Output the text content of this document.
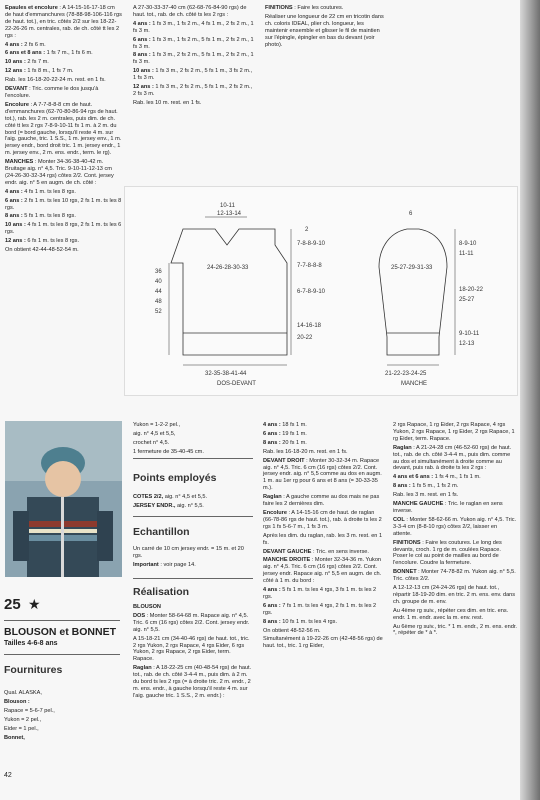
Epaules et encolure : A 14-15-16-17-18 cm de haut d'emmanchures (78-88-98-106-116 rgs de haut. tot.), en tric. côtés 2/2 sur les 18-22-22-26-26 m. centrales, rab. de ch. côté tt les 2 rgs :

4 ans : 2 fs 6 m.

6 ans et 8 ans : 1 fs 7 m., 1 fs 6 m.

10 ans : 2 fs 7 m.

12 ans : 1 fs 8 m., 1 fs 7 m.

Rab. les 16-18-20-22-24 m. rest. en 1 fs.

DEVANT : Tric. comme le dos jusqu'à l'encolure.

Encolure : A 7-7-8-8-8 cm de haut. d'emmanchures (62-70-80-86-94 rgs de haut. tot.), rab. les 2 m. centrales, puis dim. de ch. côté tt les 2 rgs 7-8-9-10-11 fs 1 m. à 2 m. du bord (= bord gauche, lorsqu'il reste 4 m. sur l'aig. gauche, tric. 1 S.S., 1 m. jersey env., 1 m. jersey endr., bord droit tric. 1 m. jersey endr., 1 m. jersey env., 2 m. ens. endr., term. le rg).

MANCHES : Monter 34-36-38-40-42 m. Bruitage aig. n° 4,5. Tric. 9-10-11-12-13 cm (24-26-30-32-34 rgs) côtes 2/2. Cont. jersey endr. aig. n° 5 en augm. de ch. côté :

4 ans : 4 fs 1 m. ts les 8 rgs.

6 ans : 2 fs 1 m. ts les 10 rgs, 2 fs 1 m. ts les 8 rgs.

8 ans : 5 fs 1 m. ts les 8 rgs.

10 ans : 4 fs 1 m. ts les 8 rgs, 2 fs 1 m. ts les 6 rgs.

12 ans : 6 fs 1 m. ts les 8 rgs.

On obtient 42-44-48-52-54 m.

A 27-30-33-37-40 cm (62-68-76-84-90 rgs) de haut. tot., rab. de ch. côté ts les 2 rgs :

4 ans : 1 fs 3 m., 1 fs 2 m., 4 fs 1 m., 2 fs 2 m., 1 fs 3 m.

6 ans : 1 fs 3 m., 1 fs 2 m., 5 fs 1 m., 2 fs 2 m., 1 fs 3 m.

8 ans : 1 fs 3 m., 2 fs 2 m., 5 fs 1 m., 2 fs 2 m., 1 fs 3 m.

10 ans : 1 fs 3 m., 2 fs 2 m., 5 fs 1 m., 3 fs 2 m., 1 fs 3 m.

12 ans : 1 fs 3 m., 2 fs 2 m., 5 fs 1 m., 2 fs 2 m., 2 fs 3 m.

Rab. les 10 m. rest. en 1 fs.

FINITIONS : Faire les coutures.

Réaliser une longueur de 22 cm en tricotin dans ch. coloris IDEAL, plier ch. longueur, les maintenir ensemble et glisser le fil de maintien sur l'épingle, épingler en bas du devant (voir photo).

10-11
12-13-14
2
7-8-8-9-10
7-7-8-8-8
6-7-8-9-10
24-26-28-30-33
36
40
44
48
52
14-16-18
20-22
32-35-38-41-44
DOS-DEVANT
6
8-9-10
11-11
25-27-29-31-33
18-20-22
25-27
9-10-11
12-13
21-22-23-24-25
MANCHE
25 ★
BLOUSON et BONNET
Tailles 4-6-8 ans
Fournitures

Qual. ALASKA,

Blouson :

Rapace = 5-6-7 pel.,

Yukon = 2 pel.,

Eider = 1 pel.,

Bonnet,

42

Yukon = 1-2-2 pel.,

aig. n° 4,5 et 5,5,

crochet n° 4,5.

1 fermeture de 35-40-45 cm.

Points employés

COTES 2/2, aig. n° 4,5 et 5,5.

JERSEY ENDR., aig. n° 5,5.

Echantillon

Un carré de 10 cm jersey endr. = 15 m. et 20 rgs.

Important : voir page 14.

Réalisation

BLOUSON

DOS : Monter 58-64-68 m. Rapace aig. n° 4,5. Tric. 6 cm (16 rgs) côtes 2/2. Cont. jersey endr. aig. n° 5,5.

A 15-18-21 cm (34-40-46 rgs) de haut. tot., tric. 2 rgs Yukon, 2 rgs Rapace, 4 rgs Eider, 6 rgs Yukon, 2 rgs Rapace, 2 rgs Eider, term. Rapace.

Raglan : A 18-22-25 cm (40-48-54 rgs) de haut. tot., rab. de ch. côté 3-4-4 m., puis dim. à 2 m. du bord ts les 2 rgs (= à droite tric. 2 m. endr., 2 m. ens. endr., à gauche lorsqu'il reste 4 m. sur l'aig. gauche tric. 1 S.S., 2 m. endr.) :

4 ans : 18 fs 1 m.

6 ans : 19 fs 1 m.

8 ans : 20 fs 1 m.

Rab. les 16-18-20 m. rest. en 1 fs.

DEVANT DROIT : Monter 30-32-34 m. Rapace aig. n° 4,5. Tric. 6 cm (16 rgs) côtes 2/2. Cont. jersey endr. aig. n° 5,5 comme au dos en augm. 1 m. au 1er rg pour 6 ans et 8 ans (= 30-33-35 m.).

Raglan : A gauche comme au dos mais ne pas faire les 2 dernières dim.

Encolure : A 14-15-16 cm de haut. de raglan (66-78-86 rgs de haut. tot.), rab. à droite ts les 2 rgs 1 fs 5-6-7 m., 1 fs 3 m.

Après les dim. du raglan, rab. les 3 m. rest. en 1 fs.

DEVANT GAUCHE : Tric. en sens inverse.

MANCHE DROITE : Monter 32-34-36 m. Yukon aig. n° 4,5. Tric. 6 cm (16 rgs) côtes 2/2. Cont. jersey endr. Rapace aig. n° 5,5 en augm. de ch. côté à 1 m. du bord :

4 ans : 5 fs 1 m. ts les 4 rgs, 3 fs 1 m. ts les 2 rgs.

6 ans : 7 fs 1 m. ts les 4 rgs, 2 fs 1 m. ts les 2 rgs.

8 ans : 10 fs 1 m. ts les 4 rgs.

On obtient 48-52-56 m.

Simultanément à 19-22-26 cm (42-48-56 rgs) de haut. tot., tric. 1 rg Eider,

2 rgs Rapace, 1 rg Eider, 2 rgs Rapace, 4 rgs Yukon, 2 rgs Rapace, 1 rg Eider, 2 rgs Rapace, 1 rg Eider, term. Rapace.

Raglan : A 21-24-28 cm (46-52-60 rgs) de haut. tot., rab. de ch. côté 3-4-4 m., puis dim. comme au dos et simultanément à droite comme au devant, puis rab. à droite ts les 2 rgs :

4 ans et 6 ans : 1 fs 4 m., 1 fs 1 m.

8 ans : 1 fs 5 m., 1 fs 2 m.

Rab. les 3 m. rest. en 1 fs.

MANCHE GAUCHE : Tric. le raglan en sens inverse.

COL : Monter 58-62-66 m. Yukon aig. n° 4,5. Tric. 3-3-4 cm (8-8-10 rgs) côtes 2/2, laisser en attente.

FINITIONS : Faire les coutures. Le long des devants, croch. 1 rg de m. coulées Rapace. Poser le col au point de mailles au bord de l'encolure. Coudre la fermeture.

BONNET : Monter 74-78-82 m. Yukon aig. n° 5,5. Tric. côtes 2/2.

A 12-12-13 cm (24-24-26 rgs) de haut. tot., répartir 18-19-20 dim. en tric. 2 m. ens. env. dans ch. groupe de m. env.

Au 4ème rg suiv., répéter ces dim. en tric. ens. endr. 1 m. endr. avec la m. env. rest.

Au 6ème rg suiv., tric. * 1 m. endr., 2 m. ens. endr. *, répéter de * à *.
